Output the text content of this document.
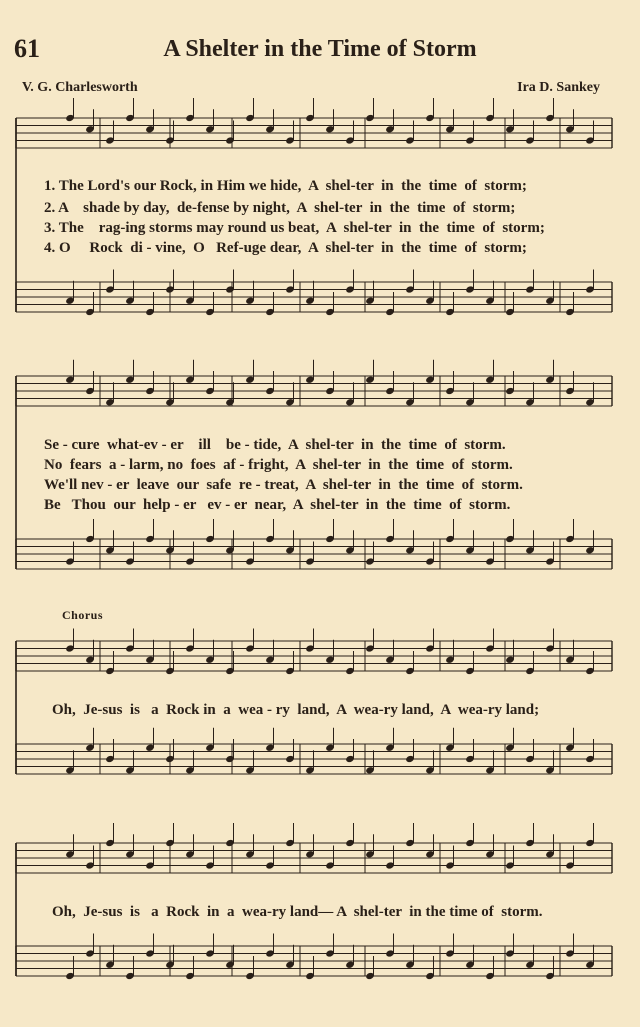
61	A Shelter in the Time of Storm
V. G. Charlesworth	Ira D. Sankey
1. The Lord's our Rock, in Him we hide,  A  shel-ter  in  the  time  of  storm;
2. A    shade by day,  de-fense by night,  A  shel-ter  in  the  time  of  storm;
3. The    rag-ing storms may round us beat,  A  shel-ter  in  the  time  of  storm;
4. O     Rock  di - vine,  O   Ref-uge dear,  A  shel-ter  in  the  time  of  storm;
Se - cure  what-ev - er    ill    be - tide,  A  shel-ter  in  the  time  of  storm.
No  fears  a - larm, no  foes  af - fright,  A  shel-ter  in  the  time  of  storm.
We'll nev - er  leave  our  safe  re - treat,  A  shel-ter  in  the  time  of  storm.
Be   Thou  our  help - er   ev - er  near,  A  shel-ter  in  the  time  of  storm.
Chorus
Oh,  Je-sus  is   a  Rock in  a  wea - ry  land,  A  wea-ry land,  A  wea-ry land;
Oh,  Je-sus  is   a  Rock  in  a  wea-ry land— A  shel-ter  in the time of  storm.
